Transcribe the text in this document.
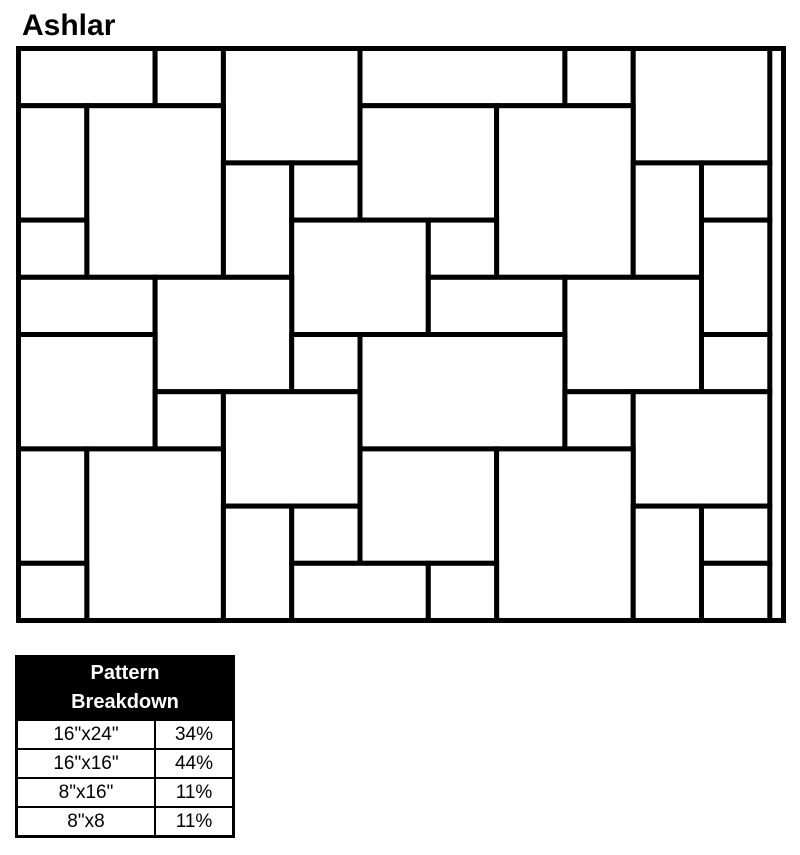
Ashlar
Pattern
Breakdown	

16"x24"	34%
16"x16"	44%
8"x16"	11%
8"x8	11%
